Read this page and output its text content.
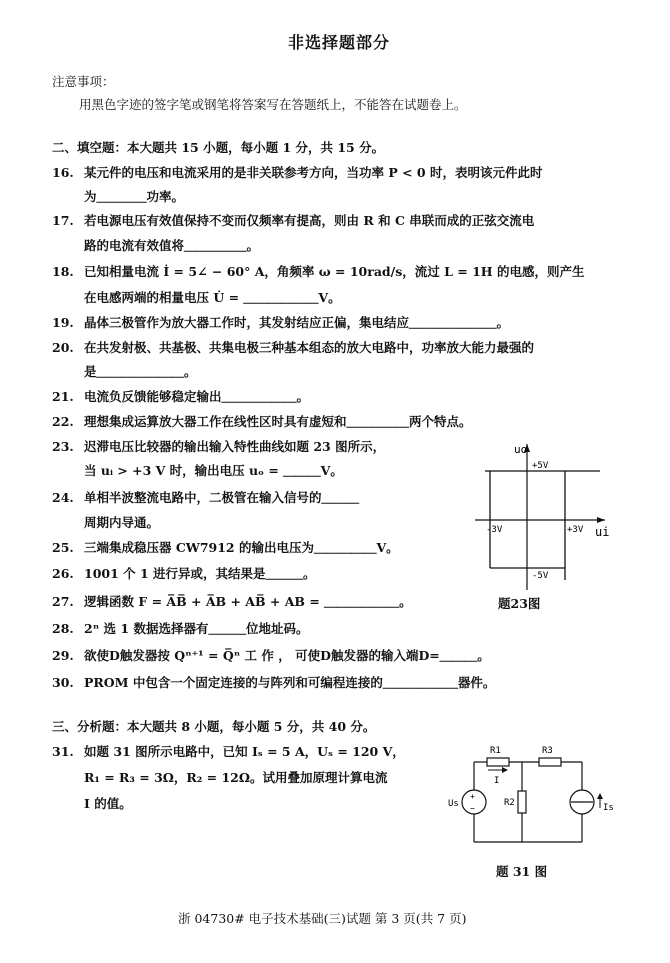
非选择题部分
注意事项：
用黑色字迹的签字笔或钢笔将答案写在答题纸上，不能答在试题卷上。
二、填空题：本大题共 15 小题，每小题 1 分，共 15 分。
16. 某元件的电压和电流采用的是非关联参考方向，当功率 P < 0 时，表明该元件此时
为＿＿＿＿功率。
17. 若电源电压有效值保持不变而仅频率有提高，则由 R 和 C 串联而成的正弦交流电
路的电流有效值将＿＿＿＿＿。
18. 已知相量电流 İ = 5∠ − 60° A，角频率 ω = 10rad/s，流过 L = 1H 的电感，则产生
在电感两端的相量电压 U̇ = ＿＿＿＿＿＿V。
19. 晶体三极管作为放大器工作时，其发射结应正偏，集电结应＿＿＿＿＿＿＿。
20. 在共发射极、共基极、共集电极三种基本组态的放大电路中，功率放大能力最强的
是＿＿＿＿＿＿＿。
21. 电流负反馈能够稳定输出＿＿＿＿＿＿。
22. 理想集成运算放大器工作在线性区时具有虚短和＿＿＿＿＿两个特点。
23. 迟滞电压比较器的输出输入特性曲线如题 23 图所示，
当 uᵢ > +3 V 时，输出电压 uₒ = ＿＿＿V。
24. 单相半波整流电路中，二极管在输入信号的＿＿＿
周期内导通。
25. 三端集成稳压器 CW7912 的输出电压为＿＿＿＿＿V。
26. 1001 个 1 进行异或，其结果是＿＿＿。
27. 逻辑函数 F = A̅B̅ + A̅B + AB̅ + AB = ＿＿＿＿＿＿。
28. 2ⁿ 选 1 数据选择器有＿＿＿位地址码。
29. 欲使D触发器按 Qⁿ⁺¹ = Q̅ⁿ 工 作 ， 可使D触发器的输入端D=＿＿＿。
30. PROM 中包含一个固定连接的与阵列和可编程连接的＿＿＿＿＿＿器件。
uo
+5V
-5V
-3V	+3V ui
题23图
三、分析题：本大题共 8 小题，每小题 5 分，共 40 分。
31. 如题 31 图所示电路中，已知 Iₛ = 5 A，Uₛ = 120 V，
R₁ = R₃ = 3Ω，R₂ = 12Ω。试用叠加原理计算电流
I 的值。	+
−
R1	R3
I
R2
Us	Is
题 31 图
浙 04730# 电子技术基础(三)试题 第 3 页(共 7 页)
